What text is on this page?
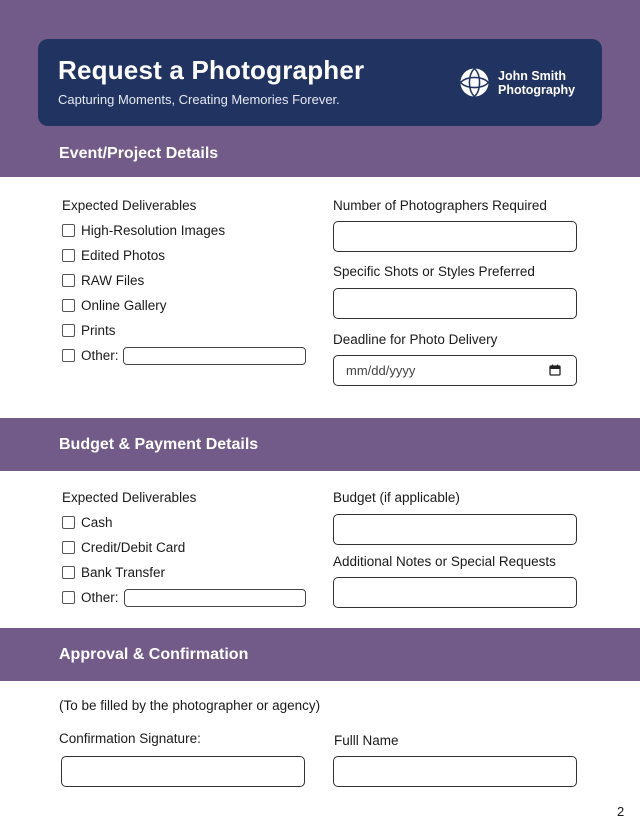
Request a Photographer
Capturing Moments, Creating Memories Forever.
John Smith
Photography
Event/Project Details
Expected Deliverables
High-Resolution Images
Edited Photos
RAW Files
Online Gallery
Prints
Other:
Number of Photographers Required
Specific Shots or Styles Preferred
Deadline for Photo Delivery
mm/dd/yyyy
Budget & Payment Details
Expected Deliverables
Cash
Credit/Debit Card
Bank Transfer
Other:
Budget (if applicable)
Additional Notes or Special Requests
Approval & Confirmation
(To be filled by the photographer or agency)
Confirmation Signature:	Fulll Name
2
